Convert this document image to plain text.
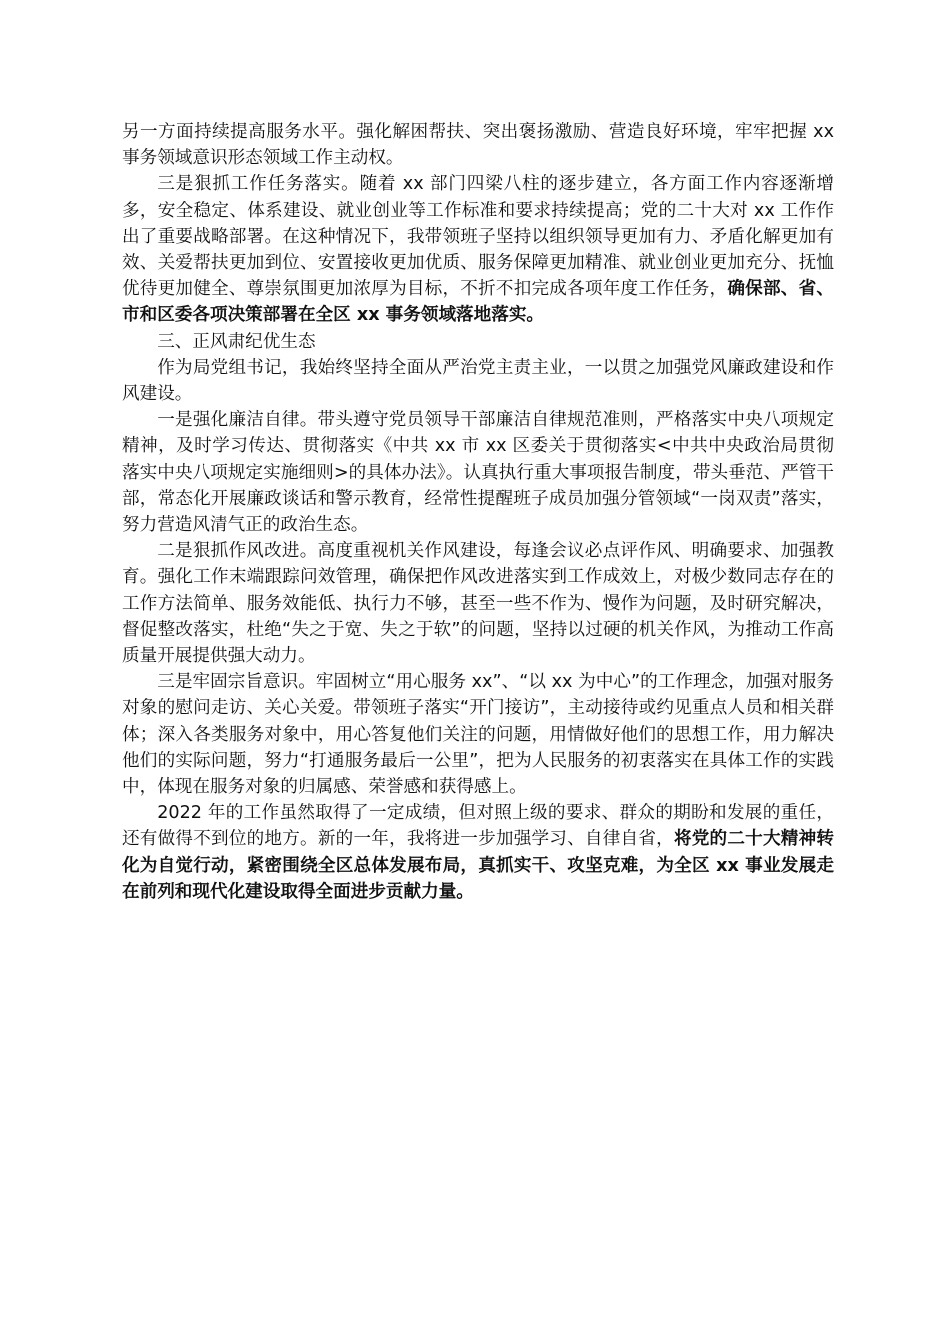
另一方面持续提高服务水平。强化解困帮扶、突出褒扬激励、营造良好环境，牢牢把握 xx 事务领域意识形态领域工作主动权。

三是狠抓工作任务落实。随着 xx 部门四梁八柱的逐步建立，各方面工作内容逐渐增多，安全稳定、体系建设、就业创业等工作标准和要求持续提高；党的二十大对 xx 工作作出了重要战略部署。在这种情况下，我带领班子坚持以组织领导更加有力、矛盾化解更加有效、关爱帮扶更加到位、安置接收更加优质、服务保障更加精准、就业创业更加充分、抚恤优待更加健全、尊崇氛围更加浓厚为目标，不折不扣完成各项年度工作任务，确保部、省、市和区委各项决策部署在全区 xx 事务领域落地落实。

三、正风肃纪优生态

作为局党组书记，我始终坚持全面从严治党主责主业，一以贯之加强党风廉政建设和作风建设。

一是强化廉洁自律。带头遵守党员领导干部廉洁自律规范准则，严格落实中央八项规定精神，及时学习传达、贯彻落实《中共 xx 市 xx 区委关于贯彻落实<中共中央政治局贯彻落实中央八项规定实施细则>的具体办法》。认真执行重大事项报告制度，带头垂范、严管干部，常态化开展廉政谈话和警示教育，经常性提醒班子成员加强分管领域“一岗双责”落实，努力营造风清气正的政治生态。

二是狠抓作风改进。高度重视机关作风建设，每逢会议必点评作风、明确要求、加强教育。强化工作末端跟踪问效管理，确保把作风改进落实到工作成效上，对极少数同志存在的工作方法简单、服务效能低、执行力不够，甚至一些不作为、慢作为问题，及时研究解决，督促整改落实，杜绝“失之于宽、失之于软”的问题，坚持以过硬的机关作风，为推动工作高质量开展提供强大动力。

三是牢固宗旨意识。牢固树立“用心服务 xx”、“以 xx 为中心”的工作理念，加强对服务对象的慰问走访、关心关爱。带领班子落实“开门接访”，主动接待或约见重点人员和相关群体；深入各类服务对象中，用心答复他们关注的问题，用情做好他们的思想工作，用力解决他们的实际问题，努力“打通服务最后一公里”，把为人民服务的初衷落实在具体工作的实践中，体现在服务对象的归属感、荣誉感和获得感上。

2022 年的工作虽然取得了一定成绩，但对照上级的要求、群众的期盼和发展的重任，还有做得不到位的地方。新的一年，我将进一步加强学习、自律自省，将党的二十大精神转化为自觉行动，紧密围绕全区总体发展布局，真抓实干、攻坚克难，为全区 xx 事业发展走在前列和现代化建设取得全面进步贡献力量。
